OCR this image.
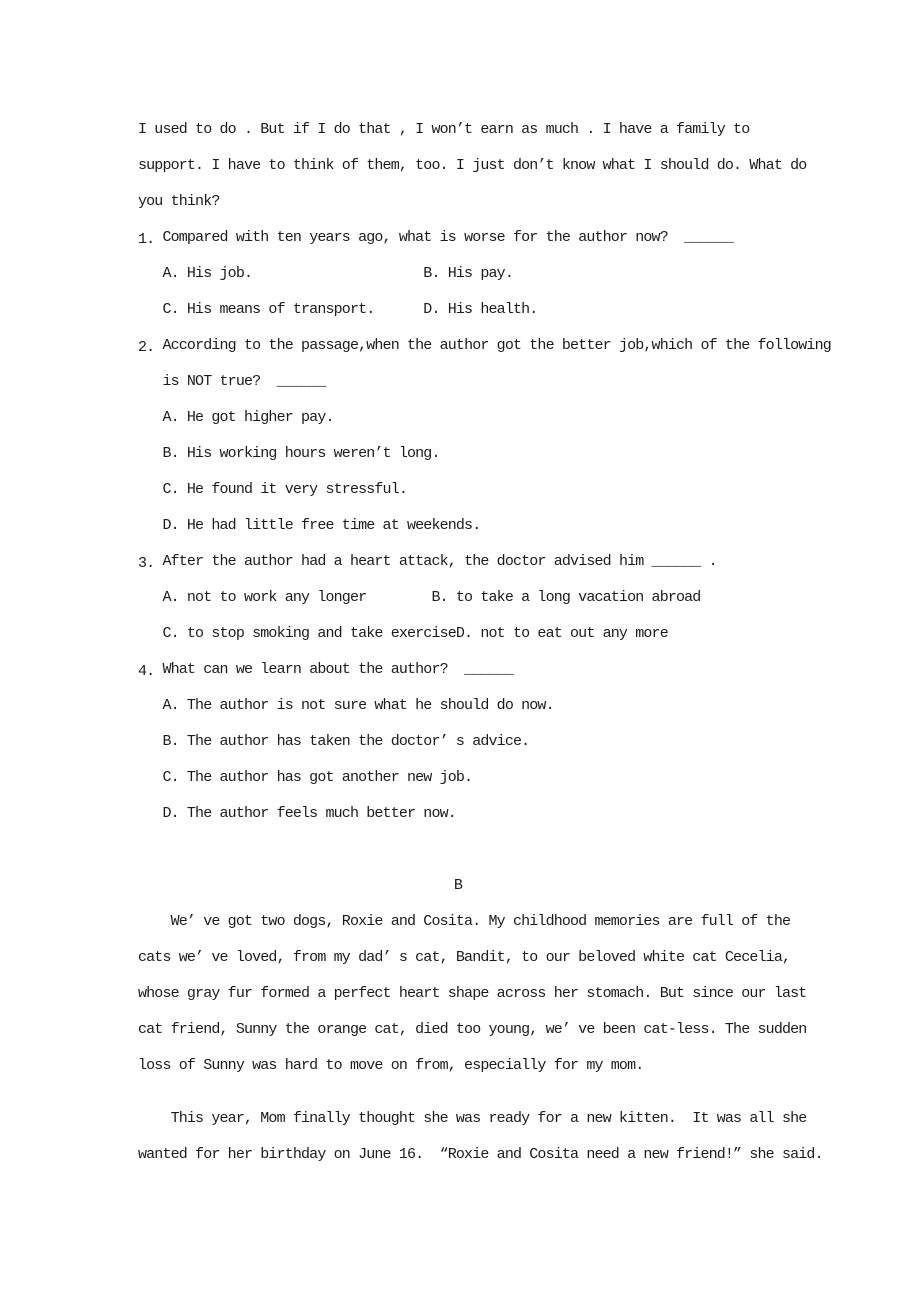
I used to do . But if I do that , I won’t earn as much . I have a family to
support. I have to think of them, too. I just don’t know what I should do. What do
you think?
1. Compared with ten years ago, what is worse for the author now?  ______
A. His job.                     B. His pay.
C. His means of transport.      D. His health.
2. According to the passage,when the author got the better job,which of the following
is NOT true?  ______
A. He got higher pay.
B. His working hours weren’t long.
C. He found it very stressful.
D. He had little free time at weekends.
3. After the author had a heart attack, the doctor advised him ______ .
A. not to work any longer        B. to take a long vacation abroad
C. to stop smoking and take exerciseD. not to eat out any more
4. What can we learn about the author?  ______
A. The author is not sure what he should do now.
B. The author has taken the doctor’ s advice.
C. The author has got another new job.
D. The author feels much better now.
B
We’ ve got two dogs, Roxie and Cosita. My childhood memories are full of the
cats we’ ve loved, from my dad’ s cat, Bandit, to our beloved white cat Cecelia,
whose gray fur formed a perfect heart shape across her stomach. But since our last
cat friend, Sunny the orange cat, died too young, we’ ve been cat-less. The sudden
loss of Sunny was hard to move on from, especially for my mom.
This year, Mom finally thought she was ready for a new kitten.  It was all she
wanted for her birthday on June 16.  “Roxie and Cosita need a new friend!” she said.
